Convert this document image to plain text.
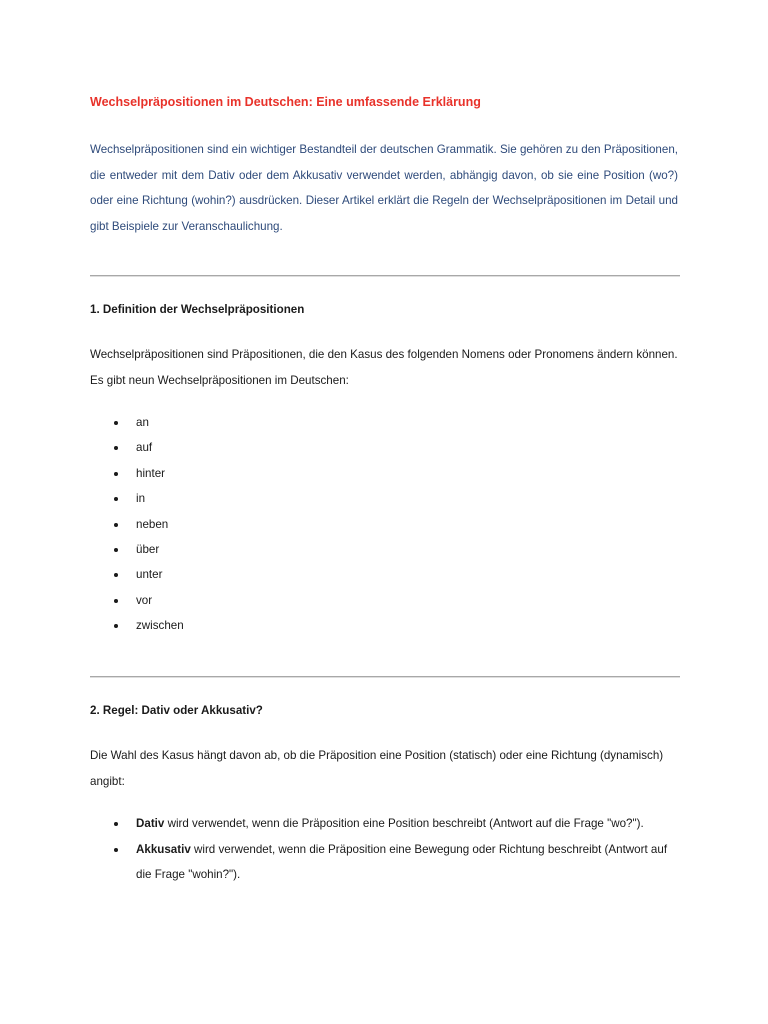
Wechselpräpositionen im Deutschen: Eine umfassende Erklärung

Wechselpräpositionen sind ein wichtiger Bestandteil der deutschen Grammatik. Sie gehören zu den Präpositionen, die entweder mit dem Dativ oder dem Akkusativ verwendet werden, abhängig davon, ob sie eine Position (wo?) oder eine Richtung (wohin?) ausdrücken. Dieser Artikel erklärt die Regeln der Wechselpräpositionen im Detail und gibt Beispiele zur Veranschaulichung.

1. Definition der Wechselpräpositionen

Wechselpräpositionen sind Präpositionen, die den Kasus des folgenden Nomens oder Pronomens ändern können. Es gibt neun Wechselpräpositionen im Deutschen:

an
auf
hinter
in
neben
über
unter
vor
zwischen
2. Regel: Dativ oder Akkusativ?

Die Wahl des Kasus hängt davon ab, ob die Präposition eine Position (statisch) oder eine Richtung (dynamisch) angibt:

Dativ wird verwendet, wenn die Präposition eine Position beschreibt (Antwort auf die Frage "wo?").
Akkusativ wird verwendet, wenn die Präposition eine Bewegung oder Richtung beschreibt (Antwort auf die Frage "wohin?").
